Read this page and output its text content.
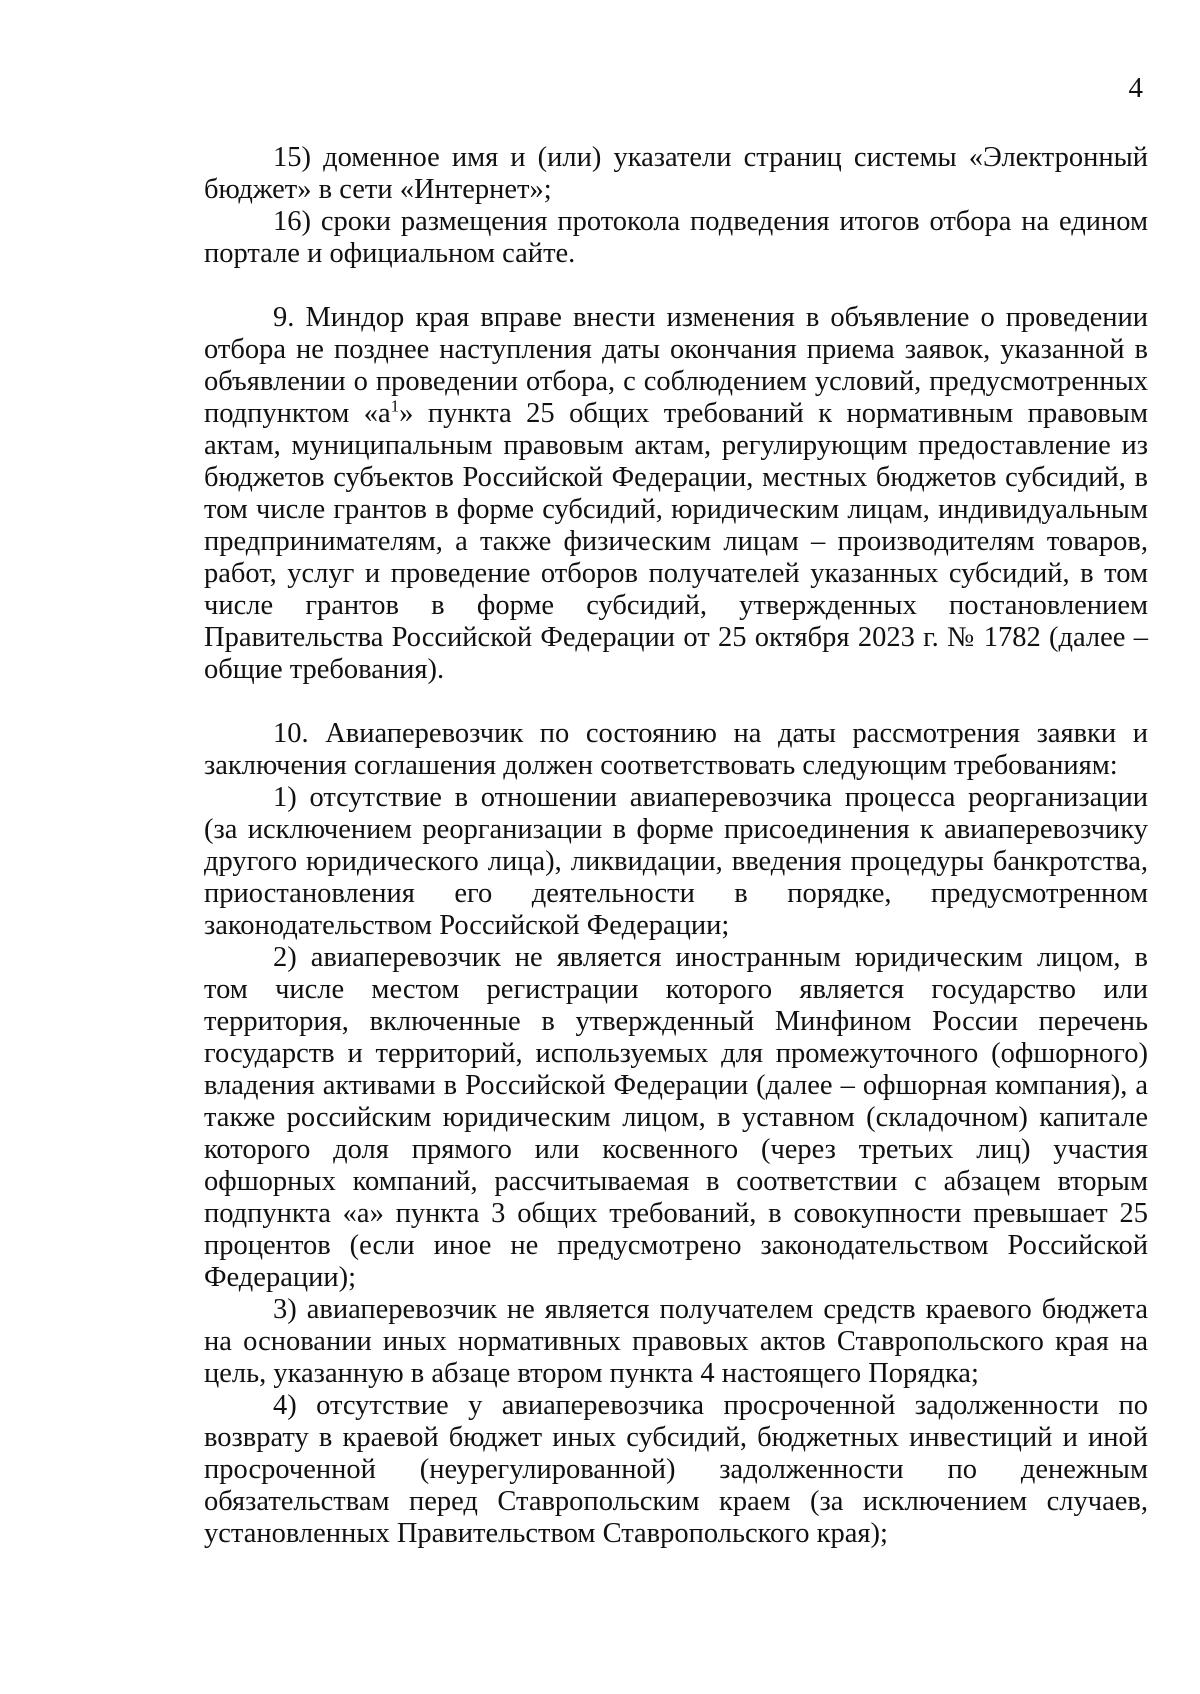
4

15) доменное имя и (или) указатели страниц системы «Электронный бюджет» в сети «Интернет»;

16) сроки размещения протокола подведения итогов отбора на едином портале и официальном сайте.

9. Миндор края вправе внести изменения в объявление о проведении отбора не позднее наступления даты окончания приема заявок, указанной в объявлении о проведении отбора, с соблюдением условий, предусмотренных подпунктом «$а^1$» пункта 25 общих требований к нормативным правовым актам, муниципальным правовым актам, регулирующим предоставление из бюджетов субъектов Российской Федерации, местных бюджетов субсидий, в том числе грантов в форме субсидий, юридическим лицам, индивидуальным предпринимателям, а также физическим лицам – производителям товаров, работ, услуг и проведение отборов получателей указанных субсидий, в том числе грантов в форме субсидий, утвержденных постановлением Правительства Российской Федерации от 25 октября 2023 г. № 1782 (далее – общие требования).

10. Авиаперевозчик по состоянию на даты рассмотрения заявки и заключения соглашения должен соответствовать следующим требованиям:

1) отсутствие в отношении авиаперевозчика процесса реорганизации (за исключением реорганизации в форме присоединения к авиаперевозчику другого юридического лица), ликвидации, введения процедуры банкротства, приостановления его деятельности в порядке, предусмотренном законодательством Российской Федерации;

2) авиаперевозчик не является иностранным юридическим лицом, в том числе местом регистрации которого является государство или территория, включенные в утвержденный Минфином России перечень государств и территорий, используемых для промежуточного (офшорного) владения активами в Российской Федерации (далее – офшорная компания), а также российским юридическим лицом, в уставном (складочном) капитале которого доля прямого или косвенного (через третьих лиц) участия офшорных компаний, рассчитываемая в соответствии с абзацем вторым подпункта «а» пункта 3 общих требований, в совокупности превышает 25 процентов (если иное не предусмотрено законодательством Российской Федерации);

3) авиаперевозчик не является получателем средств краевого бюджета на основании иных нормативных правовых актов Ставропольского края на цель, указанную в абзаце втором пункта 4 настоящего Порядка;

4) отсутствие у авиаперевозчика просроченной задолженности по возврату в краевой бюджет иных субсидий, бюджетных инвестиций и иной просроченной (неурегулированной) задолженности по денежным обязательствам перед Ставропольским краем (за исключением случаев, установленных Правительством Ставропольского края);
